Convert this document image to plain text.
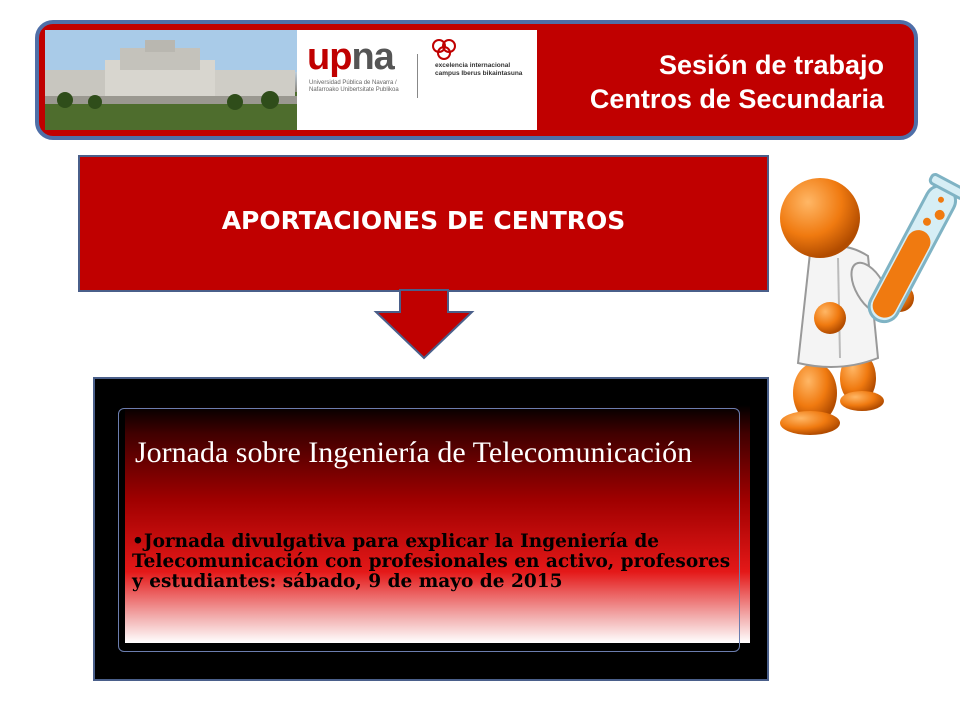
upna
Universidad Pública de Navarra / Nafarroako Unibertsitate Publikoa
excelencia internacional campus Iberus bikaintasuna	Sesión de trabajo
Centros de Secundaria
APORTACIONES DE CENTROS
Jornada sobre Ingeniería de Telecomunicación
•Jornada divulgativa para explicar la Ingeniería de Telecomunicación con profesionales en activo, profesores y estudiantes: sábado, 9 de mayo de 2015
